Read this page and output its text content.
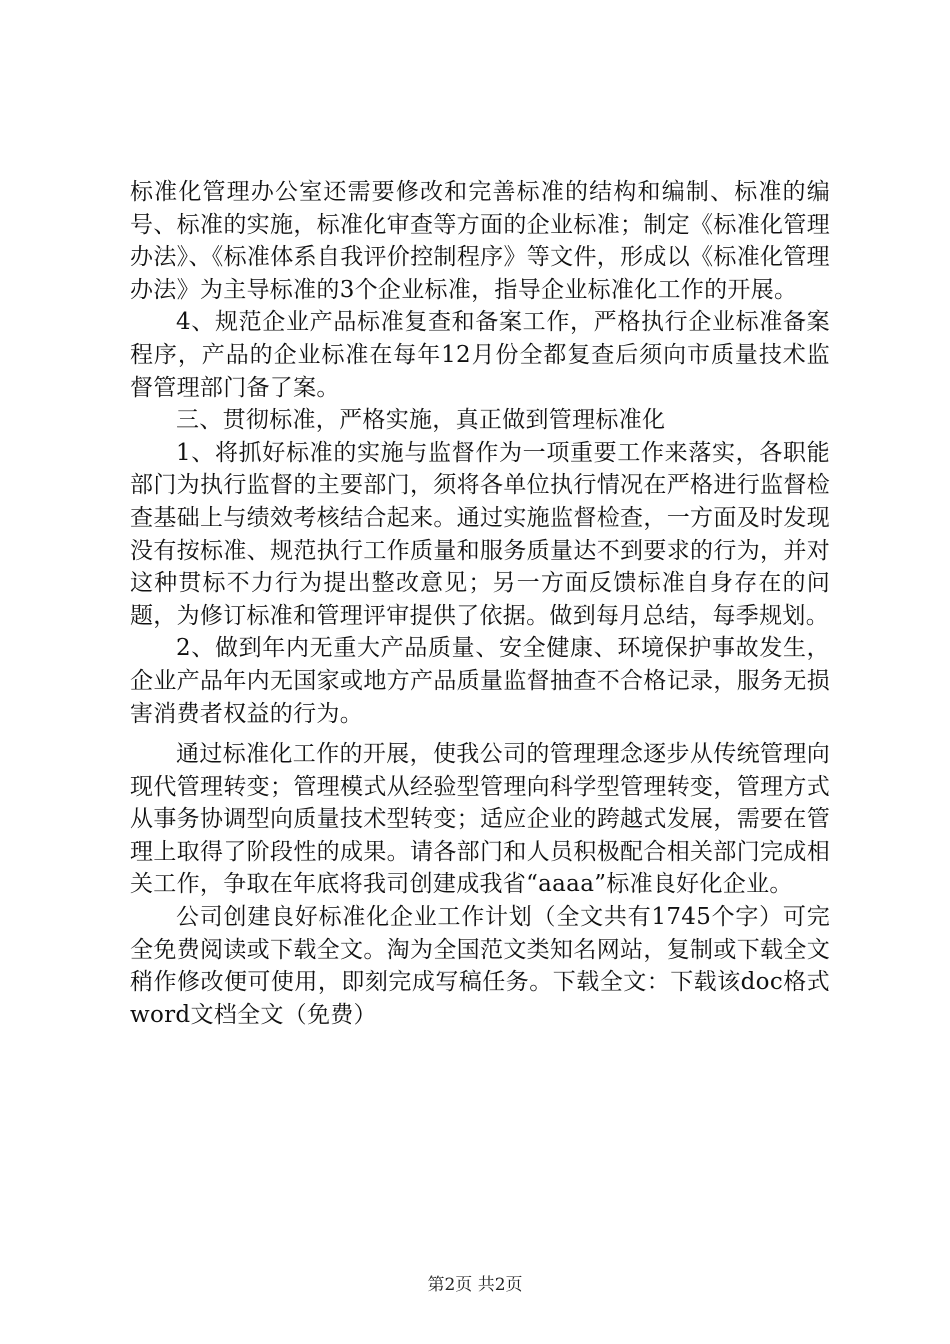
标准化管理办公室还需要修改和完善标准的结构和编制、标准的编号、标准的实施，标准化审查等方面的企业标准；制定《标准化管理办法》、《标准体系自我评价控制程序》等文件，形成以《标准化管理办法》为主导标准的3个企业标准，指导企业标准化工作的开展。

4、规范企业产品标准复查和备案工作，严格执行企业标准备案程序，产品的企业标准在每年12月份全都复查后须向市质量技术监督管理部门备了案。

三、贯彻标准，严格实施，真正做到管理标准化

1、将抓好标准的实施与监督作为一项重要工作来落实，各职能部门为执行监督的主要部门，须将各单位执行情况在严格进行监督检查基础上与绩效考核结合起来。通过实施监督检查，一方面及时发现没有按标准、规范执行工作质量和服务质量达不到要求的行为，并对这种贯标不力行为提出整改意见；另一方面反馈标准自身存在的问题，为修订标准和管理评审提供了依据。做到每月总结，每季规划。

2、做到年内无重大产品质量、安全健康、环境保护事故发生，企业产品年内无国家或地方产品质量监督抽查不合格记录，服务无损害消费者权益的行为。

通过标准化工作的开展，使我公司的管理理念逐步从传统管理向现代管理转变；管理模式从经验型管理向科学型管理转变，管理方式从事务协调型向质量技术型转变；适应企业的跨越式发展，需要在管理上取得了阶段性的成果。请各部门和人员积极配合相关部门完成相关工作，争取在年底将我司创建成我省“aaaa”标准良好化企业。

公司创建良好标准化企业工作计划（全文共有1745个字）可完全免费阅读或下载全文。淘为全国范文类知名网站，复制或下载全文稍作修改便可使用，即刻完成写稿任务。下载全文：下载该doc格式word文档全文（免费）

第2页 共2页
